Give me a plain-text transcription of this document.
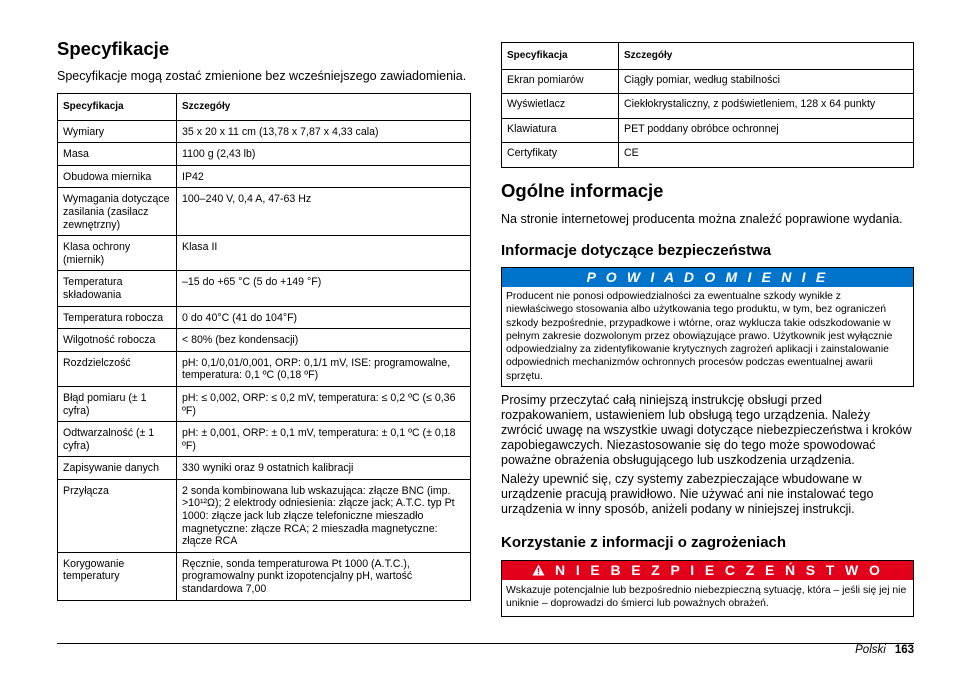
Specyfikacje

Specyfikacje mogą zostać zmienione bez wcześniejszego zawiadomienia.

Specyfikacja	Szczegóły
Wymiary	35 x 20 x 11 cm (13,78 x 7,87 x 4,33 cala)
Masa	1100 g (2,43 lb)
Obudowa miernika	IP42
Wymagania dotyczące zasilania (zasilacz zewnętrzny)	100–240 V, 0,4 A, 47-63 Hz
Klasa ochrony (miernik)	Klasa II
Temperatura składowania	–15 do +65 °C (5 do +149 °F)
Temperatura robocza	0 do 40°C (41 do 104°F)
Wilgotność robocza	< 80% (bez kondensacji)
Rozdzielczość	pH: 0,1/0,01/0,001, ORP: 0,1/1 mV, ISE: programowalne, temperatura: 0,1 ºC (0,18 ºF)
Błąd pomiaru (± 1 cyfra)	pH: ≤ 0,002, ORP: ≤ 0,2 mV, temperatura: ≤ 0,2 ºC (≤ 0,36 ºF)
Odtwarzalność (± 1 cyfra)	pH: ± 0,001, ORP: ± 0,1 mV, temperatura: ± 0,1 ºC (± 0,18 ºF)
Zapisywanie danych	330 wyniki oraz 9 ostatnich kalibracji
Przyłącza	2 sonda kombinowana lub wskazująca: złącze BNC (imp. >10¹²Ω); 2 elektrody odniesienia: złącze jack; A.T.C. typ Pt 1000: złącze jack lub złącze telefoniczne mieszadło magnetyczne: złącze RCA; 2 mieszadła magnetyczne: złącze RCA
Korygowanie temperatury	Ręcznie, sonda temperaturowa Pt 1000 (A.T.C.), programowalny punkt izopotencjalny pH, wartość standardowa 7,00
Specyfikacja	Szczegóły
Ekran pomiarów	Ciągły pomiar, według stabilności
Wyświetlacz	Ciekłokrystaliczny, z podświetleniem, 128 x 64 punkty
Klawiatura	PET poddany obróbce ochronnej
Certyfikaty	CE
Ogólne informacje

Na stronie internetowej producenta można znaleźć poprawione wydania.

Informacje dotyczące bezpieczeństwa
P O W I A D O M I E N I E
Producent nie ponosi odpowiedzialności za ewentualne szkody wynikłe z niewłaściwego stosowania albo użytkowania tego produktu, w tym, bez ograniczeń szkody bezpośrednie, przypadkowe i wtórne, oraz wyklucza takie odszkodowanie w pełnym zakresie dozwolonym przez obowiązujące prawo. Użytkownik jest wyłącznie odpowiedzialny za zidentyfikowanie krytycznych zagrożeń aplikacji i zainstalowanie odpowiednich mechanizmów ochronnych procesów podczas ewentualnej awarii sprzętu.

Prosimy przeczytać całą niniejszą instrukcję obsługi przed rozpakowaniem, ustawieniem lub obsługą tego urządzenia. Należy zwrócić uwagę na wszystkie uwagi dotyczące niebezpieczeństwa i kroków zapobiegawczych. Niezastosowanie się do tego może spowodować poważne obrażenia obsługującego lub uszkodzenia urządzenia.

Należy upewnić się, czy systemy zabezpieczające wbudowane w urządzenie pracują prawidłowo. Nie używać ani nie instalować tego urządzenia w inny sposób, aniżeli podany w niniejszej instrukcji.

Korzystanie z informacji o zagrożeniach
N I E B E Z P I E C Z E Ń S T W O
Wskazuje potencjalnie lub bezpośrednio niebezpieczną sytuację, która – jeśli się jej nie uniknie – doprowadzi do śmierci lub poważnych obrażeń.
Polski 163
